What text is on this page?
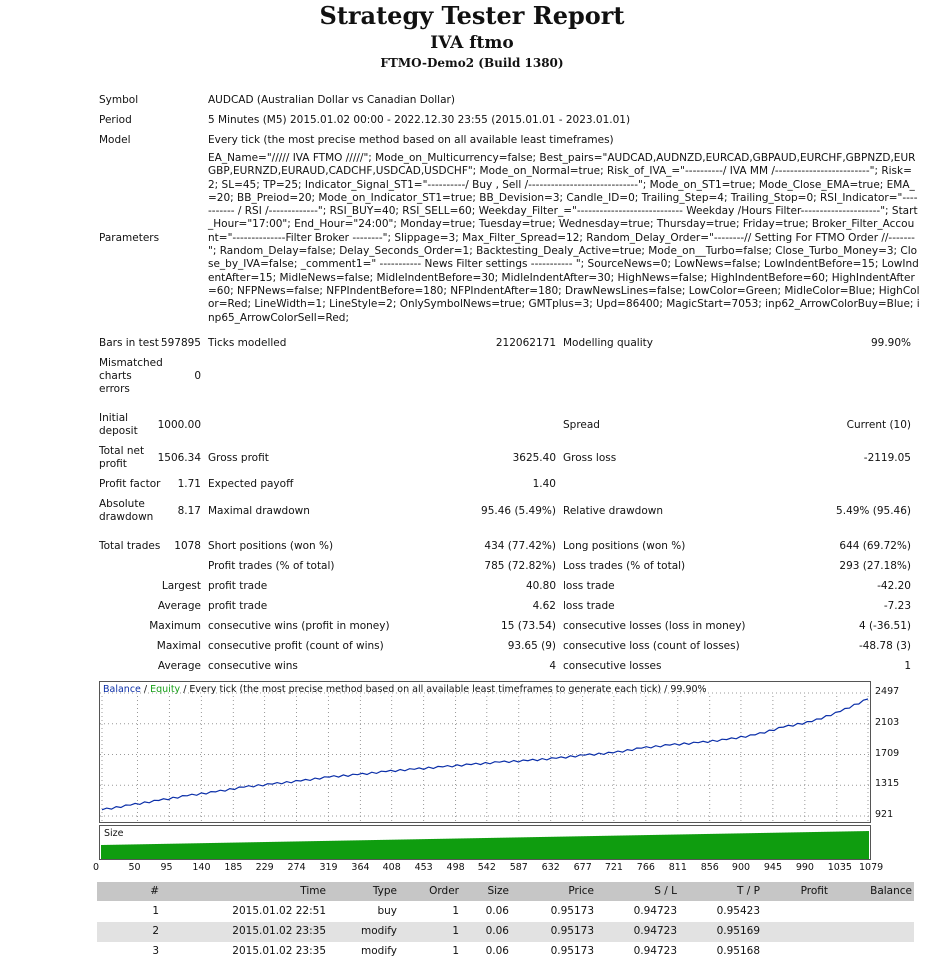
Strategy Tester Report
IVA ftmo
FTMO-Demo2 (Build 1380)
Symbol	AUDCAD (Australian Dollar vs Canadian Dollar)
Period	5 Minutes (M5) 2015.01.02 00:00 - 2022.12.30 23:55 (2015.01.01 - 2023.01.01)
Model	Every tick (the most precise method based on all available least timeframes)
Parameters
EA_Name="///// IVA FTMO /////"; Mode_on_Multicurrency=false; Best_pairs="AUDCAD,AUDNZD,EURCAD,GBPAUD,EURCHF,GBPNZD,EURGBP,EURNZD,EURAUD,CADCHF,USDCAD,USDCHF"; Mode_on_Normal=true; Risk_of_IVA_="----------/ IVA MM /-------------------------"; Risk=2; SL=45; TP=25; Indicator_Signal_ST1="----------/ Buy , Sell /-----------------------------"; Mode_on_ST1=true; Mode_Close_EMA=true; EMA_=20; BB_Preiod=20; Mode_on_Indicator_ST1=true; BB_Devision=3; Candle_ID=0; Trailing_Step=4; Trailing_Stop=0; RSI_Indicator="----------- / RSI /-------------"; RSI_BUY=40; RSI_SELL=60; Weekday_Filter_="---------------------------- Weekday /Hours Filter---------------------"; Start_Hour="17:00"; End_Hour="24:00"; Monday=true; Tuesday=true; Wednesday=true; Thursday=true; Friday=true; Broker_Filter_Account="--------------Filter Broker --------"; Slippage=3; Max_Filter_Spread=12; Random_Delay_Order="--------// Setting For FTMO Order //-------"; Random_Delay=false; Delay_Seconds_Order=1; Backtesting_Dealy_Active=true; Mode_on__Turbo=false; Close_Turbo_Money=3; Close_by_IVA=false; _comment1=" ----------- News Filter settings ----------- "; SourceNews=0; LowNews=false; LowIndentBefore=15; LowIndentAfter=15; MidleNews=false; MidleIndentBefore=30; MidleIndentAfter=30; HighNews=false; HighIndentBefore=60; HighIndentAfter=60; NFPNews=false; NFPIndentBefore=180; NFPIndentAfter=180; DrawNewsLines=false; LowColor=Green; MidleColor=Blue; HighColor=Red; LineWidth=1; LineStyle=2; OnlySymbolNews=true; GMTplus=3; Upd=86400; MagicStart=7053; inp62_ArrowColorBuy=Blue; inp65_ArrowColorSell=Red;
Bars in test 597895 Ticks modelled	212062171 Modelling quality	99.90%
Mismatched
charts
errors
0
Initial
deposit	1000.00	Spread	Current (10)
Total net
profit	1506.34 Gross profit	3625.40 Gross loss	-2119.05
Profit factor	1.71 Expected payoff	1.40
Absolute
drawdown	8.17 Maximal drawdown	95.46 (5.49%) Relative drawdown	5.49% (95.46)
Total trades	1078 Short positions (won %)	434 (77.42%) Long positions (won %)	644 (69.72%)
Profit trades (% of total)	785 (72.82%) Loss trades (% of total)	293 (27.18%)
Largest profit trade	40.80 loss trade	-42.20
Average profit trade	4.62 loss trade	-7.23
Maximum consecutive wins (profit in money)	15 (73.54) consecutive losses (loss in money)	4 (-36.51)
Maximal consecutive profit (count of wins)	93.65 (9) consecutive loss (count of losses)	-48.78 (3)
Average consecutive wins	4 consecutive losses	1
Balance / Equity / Every tick (the most precise method based on all available least timeframes to generate each tick) / 99.90%	2497
2103
1709
1315
921
Size
0	50 95 140 185 229 274 319 364 408 453 498 542 587 632 677 721 766 811 856 900 945 990 1035 1079
#	Time	Type	Order	Size	Price	S / L	T / P	Profit	Balance
1	2015.01.02 22:51	buy	1	0.06	0.95173	0.94723	0.95423
2	2015.01.02 23:35	modify	1	0.06	0.95173	0.94723	0.95169
3	2015.01.02 23:35	modify	1	0.06	0.95173	0.94723	0.95168
